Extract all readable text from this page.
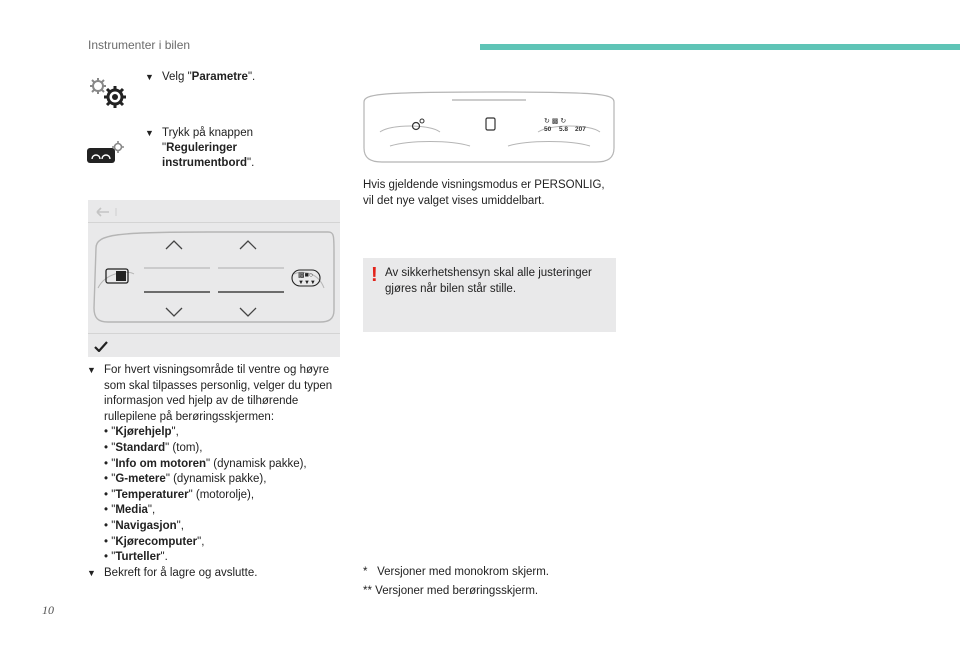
Instrumenter i bilen
▼ Velg "Parametre".
▼ Trykk på knappen "Reguleringer instrumentbord".
▩■○
▼▼▼
▼ For hvert visningsområde til ventre og høyre som skal tilpasses personlig, velger du typen informasjon ved hjelp av de tilhørende rullepilene på berøringsskjermen:
• "Kjørehjelp",
• "Standard" (tom),
• "Info om motoren" (dynamisk pakke),
• "G-metere" (dynamisk pakke),
• "Temperaturer" (motorolje),
• "Media",
• "Navigasjon",
• "Kjørecomputer",
• "Turteller".
▼ Bekreft for å lagre og avslutte.
↻ ▩ ↻
50 5.8 207
Hvis gjeldende visningsmodus er PERSONLIG, vil det nye valget vises umiddelbart.
! Av sikkerhetshensyn skal alle justeringer gjøres når bilen står stille.
* Versjoner med monokrom skjerm.
** Versjoner med berøringsskjerm.
10
